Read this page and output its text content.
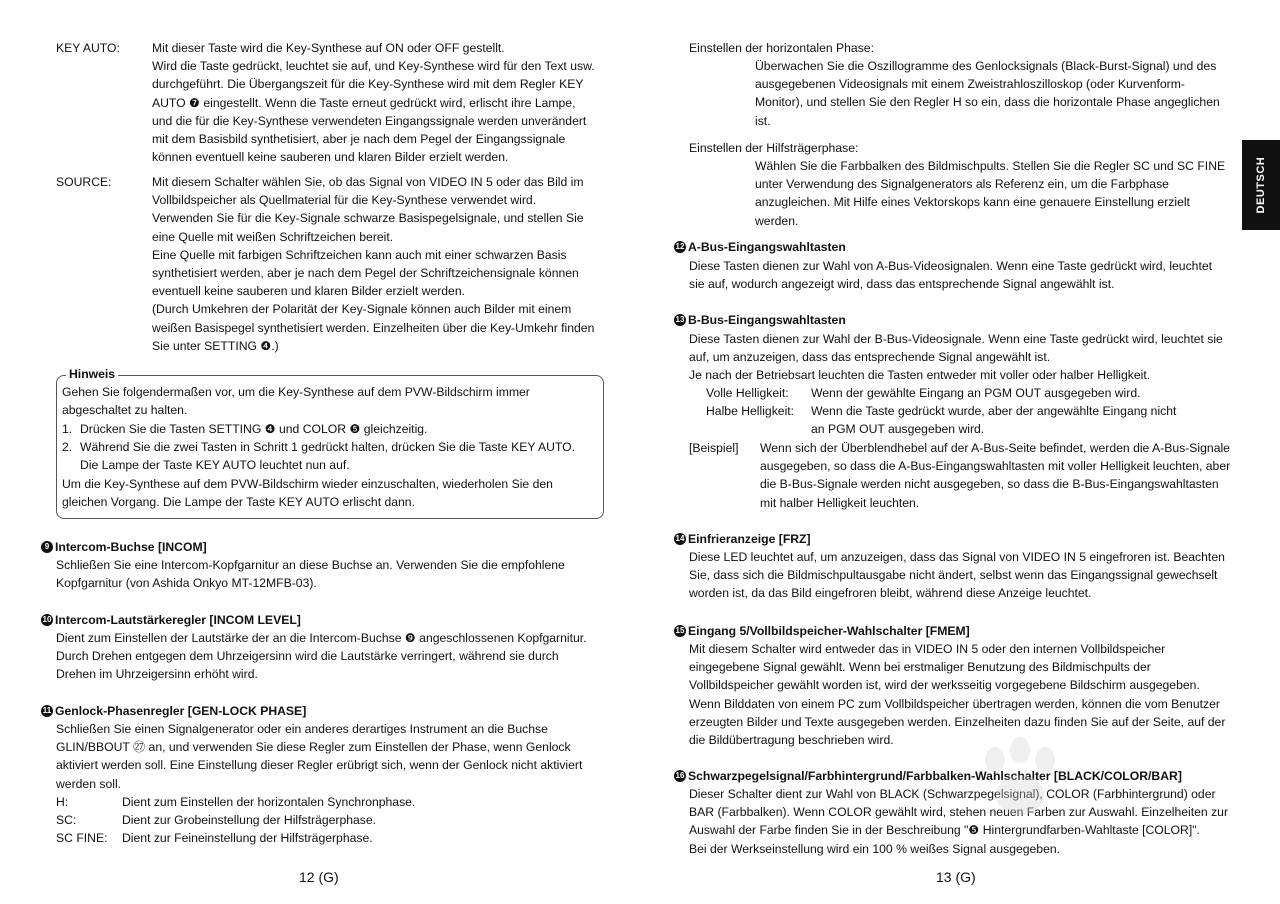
KEY AUTO:	Mit dieser Taste wird die Key-Synthese auf ON oder OFF gestellt.
Wird die Taste gedrückt, leuchtet sie auf, und Key-Synthese wird für den Text usw.
durchgeführt. Die Übergangszeit für die Key-Synthese wird mit dem Regler KEY
AUTO ❼ eingestellt. Wenn die Taste erneut gedrückt wird, erlischt ihre Lampe,
und die für die Key-Synthese verwendeten Eingangssignale werden unverändert
mit dem Basisbild synthetisiert, aber je nach dem Pegel der Eingangssignale
können eventuell keine sauberen und klaren Bilder erzielt werden.
SOURCE:	Mit diesem Schalter wählen Sie, ob das Signal von VIDEO IN 5 oder das Bild im
Vollbildspeicher als Quellmaterial für die Key-Synthese verwendet wird.
Verwenden Sie für die Key-Signale schwarze Basispegelsignale, und stellen Sie
eine Quelle mit weißen Schriftzeichen bereit.
Eine Quelle mit farbigen Schriftzeichen kann auch mit einer schwarzen Basis
synthetisiert werden, aber je nach dem Pegel der Schriftzeichensignale können
eventuell keine sauberen und klaren Bilder erzielt werden.
(Durch Umkehren der Polarität der Key-Signale können auch Bilder mit einem
weißen Basispegel synthetisiert werden. Einzelheiten über die Key-Umkehr finden
Sie unter SETTING ❹.)
Hinweis
Gehen Sie folgendermaßen vor, um die Key-Synthese auf dem PVW-Bildschirm immer
abgeschaltet zu halten.
1. Drücken Sie die Tasten SETTING ❹ und COLOR ❺ gleichzeitig.
2. Während Sie die zwei Tasten in Schritt 1 gedrückt halten, drücken Sie die Taste KEY AUTO.
Die Lampe der Taste KEY AUTO leuchtet nun auf.
Um die Key-Synthese auf dem PVW-Bildschirm wieder einzuschalten, wiederholen Sie den
gleichen Vorgang. Die Lampe der Taste KEY AUTO erlischt dann.
9 Intercom-Buchse [INCOM]
Schließen Sie eine Intercom-Kopfgarnitur an diese Buchse an. Verwenden Sie die empfohlene
Kopfgarnitur (von Ashida Onkyo MT-12MFB-03).
10 Intercom-Lautstärkeregler [INCOM LEVEL]
Dient zum Einstellen der Lautstärke der an die Intercom-Buchse ❾ angeschlossenen Kopfgarnitur.
Durch Drehen entgegen dem Uhrzeigersinn wird die Lautstärke verringert, während sie durch
Drehen im Uhrzeigersinn erhöht wird.
11 Genlock-Phasenregler [GEN-LOCK PHASE]
Schließen Sie einen Signalgenerator oder ein anderes derartiges Instrument an die Buchse
GLIN/BBOUT ㉗ an, und verwenden Sie diese Regler zum Einstellen der Phase, wenn Genlock
aktiviert werden soll. Eine Einstellung dieser Regler erübrigt sich, wenn der Genlock nicht aktiviert
werden soll.
H:	Dient zum Einstellen der horizontalen Synchronphase.
SC:	Dient zur Grobeinstellung der Hilfsträgerphase.
SC FINE: Dient zur Feineinstellung der Hilfsträgerphase.
12 (G)
Einstellen der horizontalen Phase:
Überwachen Sie die Oszillogramme des Genlocksignals (Black-Burst-Signal) und des
ausgegebenen Videosignals mit einem Zweistrahloszilloskop (oder Kurvenform-
Monitor), und stellen Sie den Regler H so ein, dass die horizontale Phase angeglichen
ist.
Einstellen der Hilfsträgerphase:
Wählen Sie die Farbbalken des Bildmischpults. Stellen Sie die Regler SC und SC FINE
unter Verwendung des Signalgenerators als Referenz ein, um die Farbphase
anzugleichen. Mit Hilfe eines Vektorskops kann eine genauere Einstellung erzielt
werden.
DEUTSCH
12 A-Bus-Eingangswahltasten
Diese Tasten dienen zur Wahl von A-Bus-Videosignalen. Wenn eine Taste gedrückt wird, leuchtet
sie auf, wodurch angezeigt wird, dass das entsprechende Signal angewählt ist.
13 B-Bus-Eingangswahltasten
Diese Tasten dienen zur Wahl der B-Bus-Videosignale. Wenn eine Taste gedrückt wird, leuchtet sie
auf, um anzuzeigen, dass das entsprechende Signal angewählt ist.
Je nach der Betriebsart leuchten die Tasten entweder mit voller oder halber Helligkeit.
Volle Helligkeit: Wenn der gewählte Eingang an PGM OUT ausgegeben wird.
Halbe Helligkeit: Wenn die Taste gedrückt wurde, aber der angewählte Eingang nicht
an PGM OUT ausgegeben wird.
[Beispiel] Wenn sich der Überblendhebel auf der A-Bus-Seite befindet, werden die A-Bus-Signale
ausgegeben, so dass die A-Bus-Eingangswahltasten mit voller Helligkeit leuchten, aber
die B-Bus-Signale werden nicht ausgegeben, so dass die B-Bus-Eingangswahltasten
mit halber Helligkeit leuchten.
14 Einfrieranzeige [FRZ]
Diese LED leuchtet auf, um anzuzeigen, dass das Signal von VIDEO IN 5 eingefroren ist. Beachten
Sie, dass sich die Bildmischpultausgabe nicht ändert, selbst wenn das Eingangssignal gewechselt
worden ist, da das Bild eingefroren bleibt, während diese Anzeige leuchtet.
15 Eingang 5/Vollbildspeicher-Wahlschalter [FMEM]
Mit diesem Schalter wird entweder das in VIDEO IN 5 oder den internen Vollbildspeicher
eingegebene Signal gewählt. Wenn bei erstmaliger Benutzung des Bildmischpults der
Vollbildspeicher gewählt worden ist, wird der werksseitig vorgegebene Bildschirm ausgegeben.
Wenn Bilddaten von einem PC zum Vollbildspeicher übertragen werden, können die vom Benutzer
erzeugten Bilder und Texte ausgegeben werden. Einzelheiten dazu finden Sie auf der Seite, auf der
die Bildübertragung beschrieben wird.
16 Schwarzpegelsignal/Farbhintergrund/Farbbalken-Wahlschalter [BLACK/COLOR/BAR]
Dieser Schalter dient zur Wahl von BLACK (Schwarzpegelsignal), COLOR (Farbhintergrund) oder
BAR (Farbbalken). Wenn COLOR gewählt wird, stehen neuen Farben zur Auswahl. Einzelheiten zur
Auswahl der Farbe finden Sie in der Beschreibung "❺ Hintergrundfarben-Wahltaste [COLOR]".
Bei der Werkseinstellung wird ein 100 % weißes Signal ausgegeben.
13 (G)
